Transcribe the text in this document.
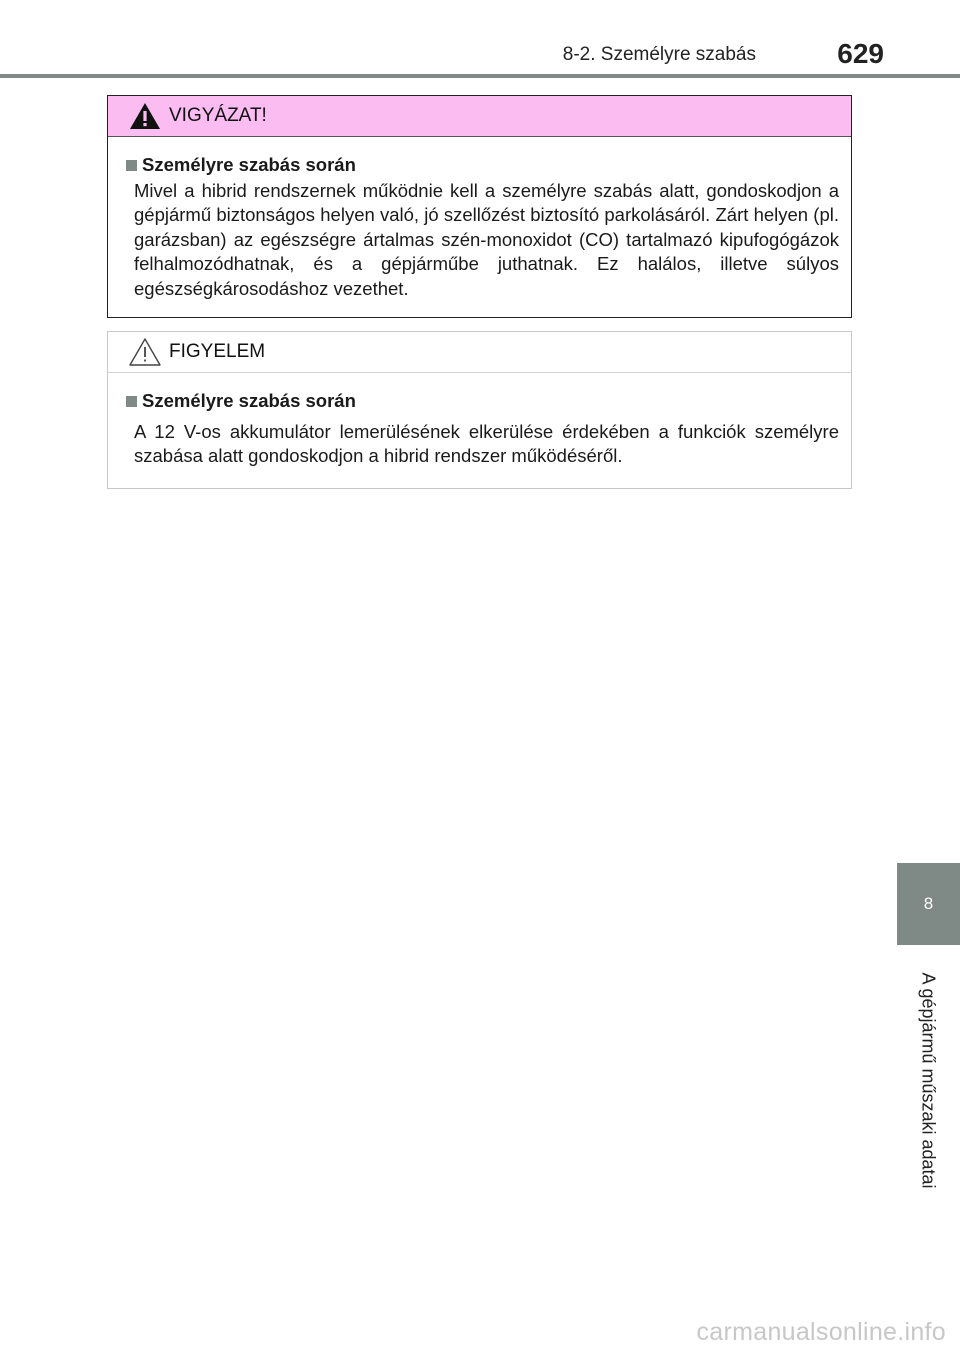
8-2. Személyre szabás	629
VIGYÁZAT!
Személyre szabás során
Mivel a hibrid rendszernek működnie kell a személyre szabás alatt, gondoskodjon a gépjármű biztonságos helyen való, jó szellőzést biztosító parkolásáról. Zárt helyen (pl. garázsban) az egészségre ártalmas szén-monoxidot (CO) tartalmazó kipufogógázok felhalmozódhatnak, és a gépjárműbe juthatnak. Ez halálos, illetve súlyos egészségkárosodáshoz vezethet.
FIGYELEM
Személyre szabás során
A 12 V-os akkumulátor lemerülésének elkerülése érdekében a funkciók személyre szabása alatt gondoskodjon a hibrid rendszer működéséről.
8
A gépjármű műszaki adatai
carmanualsonline.info
